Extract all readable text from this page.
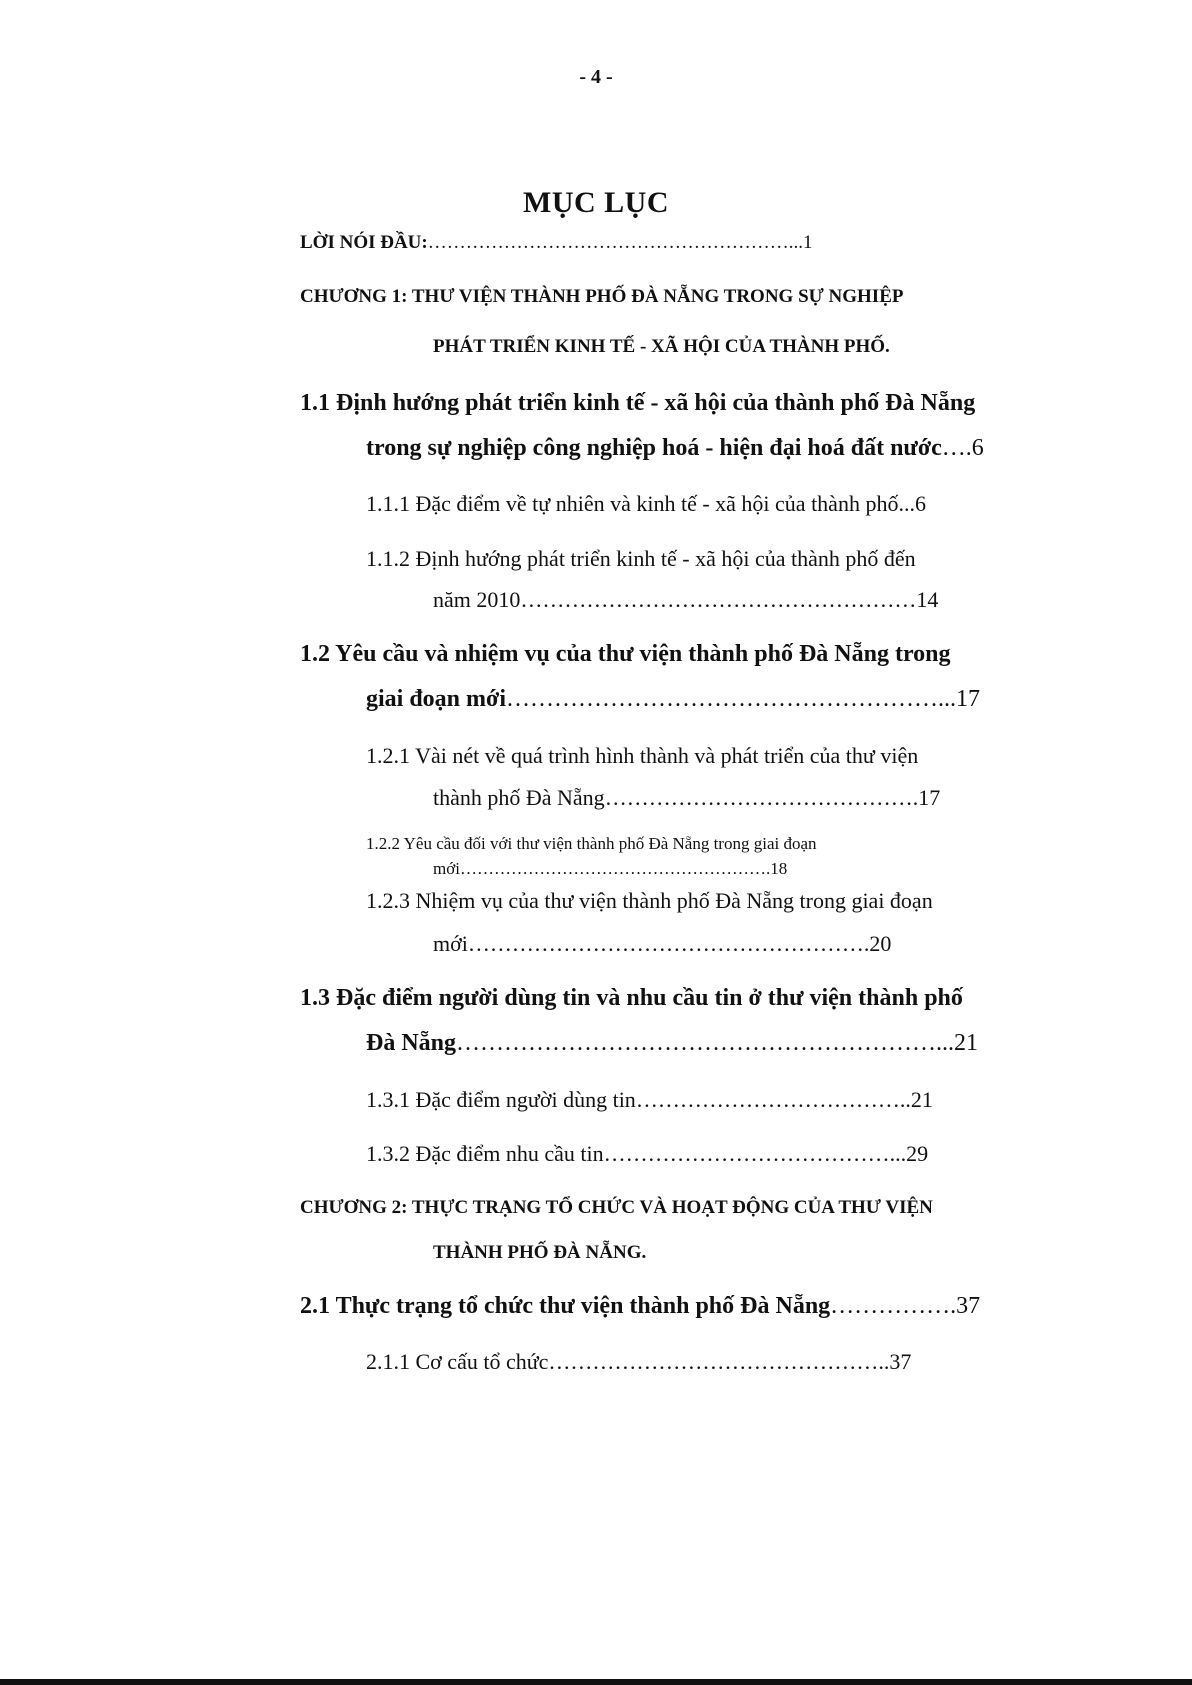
- 4 -
MỤC LỤC
LỜI NÓI ĐẦU:…………………………………………………...1
CHƯƠNG 1: THƯ VIỆN THÀNH PHỐ ĐÀ NẴNG TRONG SỰ NGHIỆP
PHÁT TRIỂN KINH TẾ - XÃ HỘI CỦA THÀNH PHỐ.
1.1 Định hướng phát triển kinh tế - xã hội của thành phố Đà Nẵng
trong sự nghiệp công nghiệp hoá - hiện đại hoá đất nước….6
1.1.1 Đặc điểm về tự nhiên và kinh tế - xã hội của thành phố...6
1.1.2 Định hướng phát triển kinh tế - xã hội của thành phố đến
năm 2010………………………………………………14
1.2 Yêu cầu và nhiệm vụ của thư viện thành phố Đà Nẵng trong
giai đoạn mới………………………………………………...17
1.2.1 Vài nét về quá trình hình thành và phát triển của thư viện
thành phố Đà Nẵng…………………………………….17
1.2.2 Yêu cầu đối với thư viện thành phố Đà Nẵng trong giai đoạn
mới……………………………………………….18
1.2.3 Nhiệm vụ của thư viện thành phố Đà Nẵng trong giai đoạn
mới……………………………………………….20
1.3 Đặc điểm người dùng tin và nhu cầu tin ở thư viện thành phố
Đà Nẵng……………………………………………………...21
1.3.1 Đặc điểm người dùng tin………………………………..21
1.3.2 Đặc điểm nhu cầu tin…………………………………...29
CHƯƠNG 2: THỰC TRẠNG TỔ CHỨC VÀ HOẠT ĐỘNG CỦA THƯ VIỆN
THÀNH PHỐ ĐÀ NẴNG.
2.1 Thực trạng tổ chức thư viện thành phố Đà Nẵng…………….37
2.1.1 Cơ cấu tổ chức………………………………………..37
